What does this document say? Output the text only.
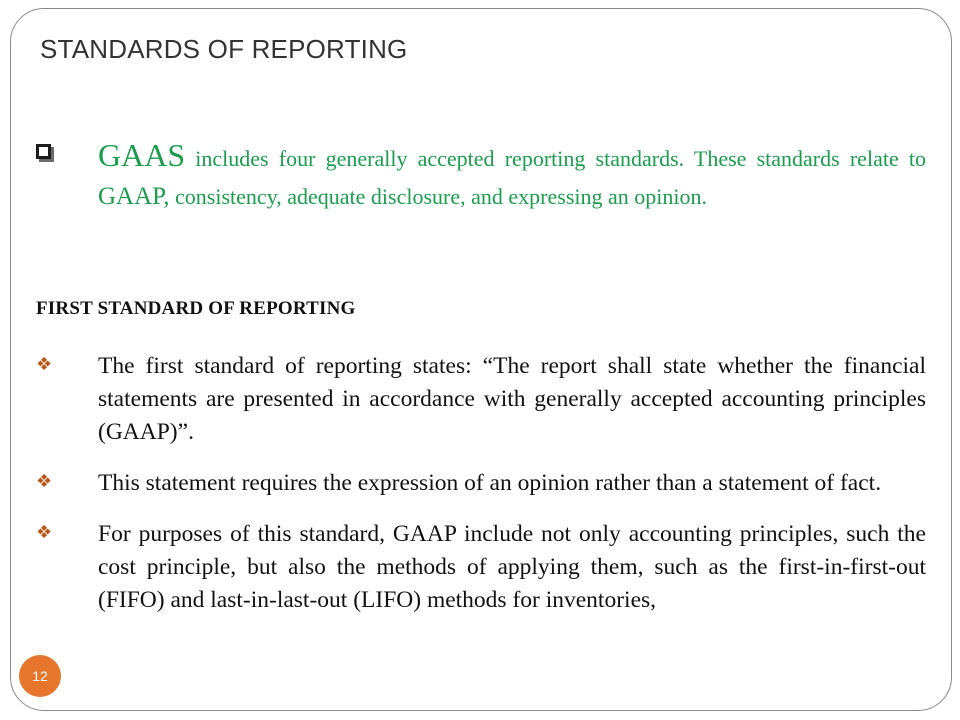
STANDARDS OF REPORTING
GAAS includes four generally accepted reporting standards. These standards relate to GAAP, consistency, adequate disclosure, and expressing an opinion.
FIRST STANDARD OF REPORTING
❖ The first standard of reporting states: “The report shall state whether the financial statements are presented in accordance with generally accepted accounting principles (GAAP)”.
❖ This statement requires the expression of an opinion rather than a statement of fact.
❖ For purposes of this standard, GAAP include not only accounting principles, such the cost principle, but also the methods of applying them, such as the first-in-first-out (FIFO) and last-in-last-out (LIFO) methods for inventories,
12
